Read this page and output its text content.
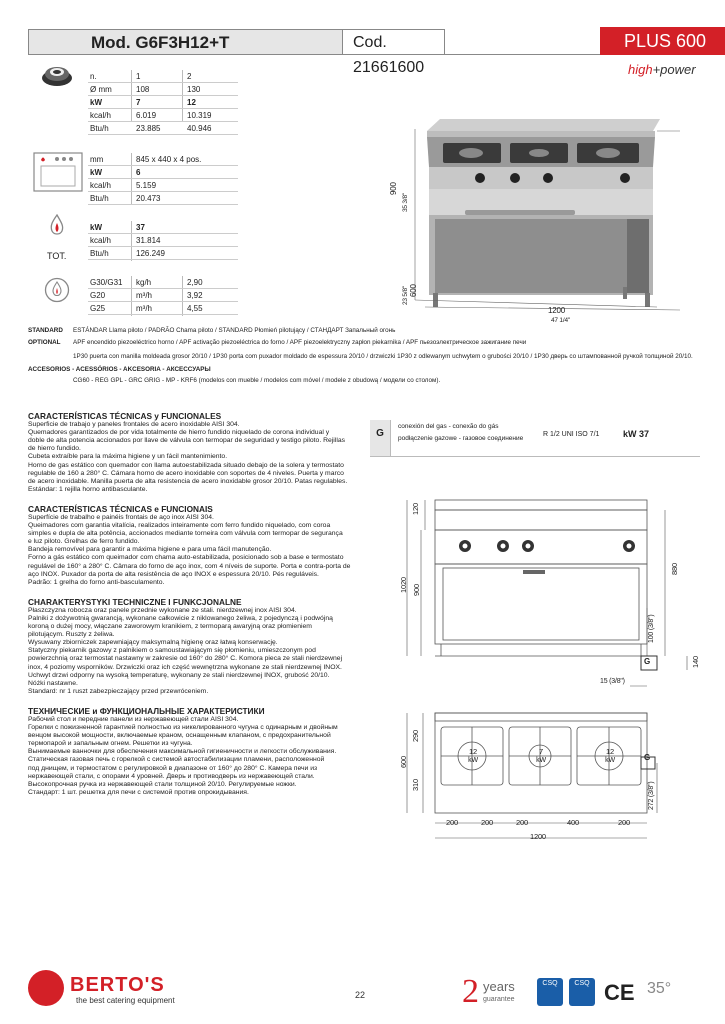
Mod. G6F3H12+T	Cod. 21661600
PLUS 600
high+power
n.	1	2
Ø mm	108	130
kW	7	12
kcal/h	6.019	10.319
Btu/h	23.885	40.946
mm	845 x 440 x 4 pos.
kW	6
kcal/h	5.159
Btu/h	20.473
TOT.
kW	37
kcal/h	31.814
Btu/h	126.249
G30/G31 kg/h	2,90
G20	m³/h	3,92
G25	m³/h	4,55
900
35 3/8"
600
23 5/8"
1200
47 1/4"
STANDARD ESTÁNDAR Llama piloto / PADRÃO Chama piloto / STANDARD Płomień pilotujący / СТАНДАРТ Запальный огонь
OPTIONAL APF encendido piezoeléctrico horno / APF activação piezoeléctrica do forno / APF piezoelektryczny zapłon piekarnika / APF пьезоэлектрическое зажигание печи
1P30 puerta con manilla moldeada grosor 20/10 / 1P30 porta com puxador moldado de espessura 20/10 / drzwiczki 1P30 z odlewanym uchwytem o grubości 20/10 / 1P30 дверь со штампованной ручкой толщиной 20/10.
ACCESORIOS - ACESSÓRIOS - AKCESORIA - АКСЕССУАРЫ
CG60 - REG GPL - GRC GRIG - MP - KRF6 (modelos con mueble / modelos com móvel / modele z obudową / модели со столом).
CARACTERÍSTICAS TÉCNICAS y FUNCIONALES
Superficie de trabajo y paneles frontales de acero inoxidable AISI 304.
Quemadores garantizados de por vida totalmente de hierro fundido niquelado de corona individual y
doble de alta potencia accionados por llave de válvula con termopar de seguridad y testigo piloto. Rejillas
de hierro fundido.
Cubeta extraíble para la máxima higiene y un fácil mantenimiento.
Horno de gas estático con quemador con llama autoestabilizada situado debajo de la solera y termostato
regulable de 160 a 280° C. Cámara horno de acero inoxidable con soportes de 4 niveles. Puerta y marco
de acero inoxidable. Manilla puerta de alta resistencia de acero inoxidable grosor 20/10. Patas regulables.
Estándar: 1 rejilla horno antibasculante.
CARACTERÍSTICAS TÉCNICAS e FUNCIONAIS
Superfície de trabalho e painéis frontais de aço inox AISI 304.
Queimadores com garantia vitalícia, realizados inteiramente com ferro fundido niquelado, com coroa
simples e dupla de alta potência, accionados mediante torneira com válvula com termopar de segurança
e luz piloto. Grelhas de ferro fundido.
Bandeja removível para garantir a máxima higiene e para uma fácil manutenção.
Forno a gás estático com queimador com chama auto-estabilizada, posicionado sob a base e termostato
regulável de 160° a 280° C. Câmara do forno de aço inox, com 4 níveis de suporte. Porta e contra-porta de
aço INOX. Puxador da porta de alta resistência de aço INOX e espessura 20/10. Pés reguláveis.
Padrão: 1 grelha do forno anti-basculamento.
CHARAKTERYSTYKI TECHNICZNE I FUNKCJONALNE
Płaszczyzna robocza oraz panele przednie wykonane ze stali. nierdzewnej inox AISI 304.
Palniki z dożywotnią gwarancją, wykonane całkowicie z niklowanego żeliwa, z pojedynczą i podwójną
koroną o dużej mocy, włączane zaworowym kranikiem, z termoparą awaryjną oraz płomieniem
pilotującym. Ruszty z żeliwa.
Wysuwany zbiorniczek zapewniający maksymalną higienę oraz łatwą konserwację.
Statyczny piekarnik gazowy z palnikiem o samoustawiającym się płomieniu, umieszczonym pod
powierzchnią oraz termostat nastawny w zakresie od 160° do 280° C. Komora pieca ze stali nierdzewnej
inox, 4 poziomy wsporników. Drzwiczki oraz ich część wewnętrzna wykonane ze stali nierdzewnej INOX.
Uchwyt drzwi odporny na wysoką temperaturę, wykonany ze stali nierdzewnej INOX, grubość 20/10.
Nóżki nastawne.
Standard: nr 1 ruszt zabezpieczający przed przewróceniem.
ТЕХНИЧЕСКИЕ и ФУНКЦИОНАЛЬНЫЕ ХАРАКТЕРИСТИКИ
Рабочий стол и передние панели из нержавеющей стали AISI 304.
Горелки с пожизненной гарантией полностью из никелированного чугуна с одинарным и двойным
венцом высокой мощности, включаемые краном, оснащенным клапаном, с предохранительной
термопарой и запальным огнем. Решетки из чугуна.
Вынимаемые ванночки для обеспечения максимальной гигиеничности и легкости обслуживания.
Статическая газовая печь с горелкой с системой автостабилизации пламени, расположенной
под днищем, и термостатом с регулировкой в диапазоне от 160° до 280° С. Камера печи из
нержавеющей стали, с опорами 4 уровней. Дверь и противодверь из нержавеющей стали.
Высокопрочная ручка из нержавеющей стали толщиной 20/10. Регулируемые ножки.
Стандарт: 1 шт. решетка для печи с системой против опрокидывания.
G
conexión del gas - conexão do gás
podłączenie gazowe - газовое соединение
R 1/2 UNI ISO 7/1	kW 37
120
1020 900
880
100 (3/8")
140
15 (3/8")
G
290
600
310	272 (3/8")
G
12
kW
7
kW
12
kW
200	200	200	400	200
1200
BERTO'S
the best catering equipment
22	2 years
guarantee
CSQ	CSQ CE 35°
